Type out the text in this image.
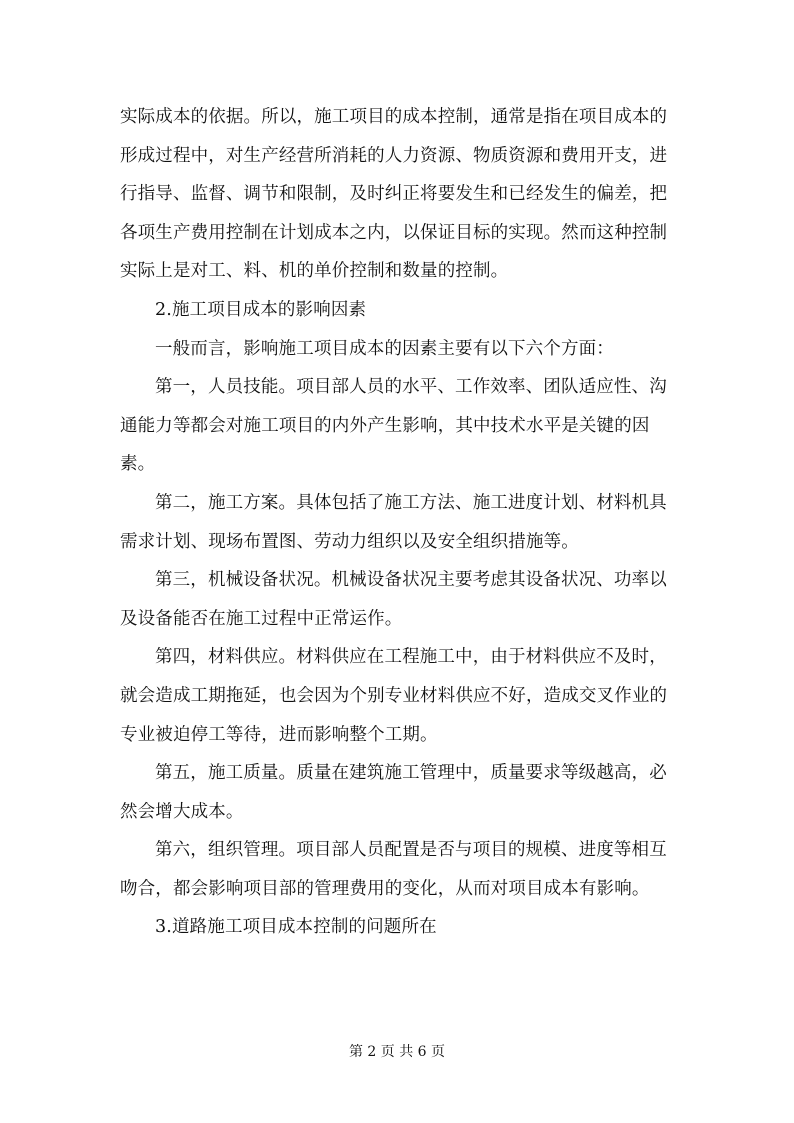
实际成本的依据。所以，施工项目的成本控制，通常是指在项目成本的形成过程中，对生产经营所消耗的人力资源、物质资源和费用开支，进行指导、监督、调节和限制，及时纠正将要发生和已经发生的偏差，把各项生产费用控制在计划成本之内，以保证目标的实现。然而这种控制实际上是对工、料、机的单价控制和数量的控制。

2.施工项目成本的影响因素

一般而言，影响施工项目成本的因素主要有以下六个方面：

第一，人员技能。项目部人员的水平、工作效率、团队适应性、沟通能力等都会对施工项目的内外产生影响，其中技术水平是关键的因素。

第二，施工方案。具体包括了施工方法、施工进度计划、材料机具需求计划、现场布置图、劳动力组织以及安全组织措施等。

第三，机械设备状况。机械设备状况主要考虑其设备状况、功率以及设备能否在施工过程中正常运作。

第四，材料供应。材料供应在工程施工中，由于材料供应不及时，就会造成工期拖延，也会因为个别专业材料供应不好，造成交叉作业的专业被迫停工等待，进而影响整个工期。

第五，施工质量。质量在建筑施工管理中，质量要求等级越高，必然会增大成本。

第六，组织管理。项目部人员配置是否与项目的规模、进度等相互吻合，都会影响项目部的管理费用的变化，从而对项目成本有影响。

3.道路施工项目成本控制的问题所在

第 2 页 共 6 页
